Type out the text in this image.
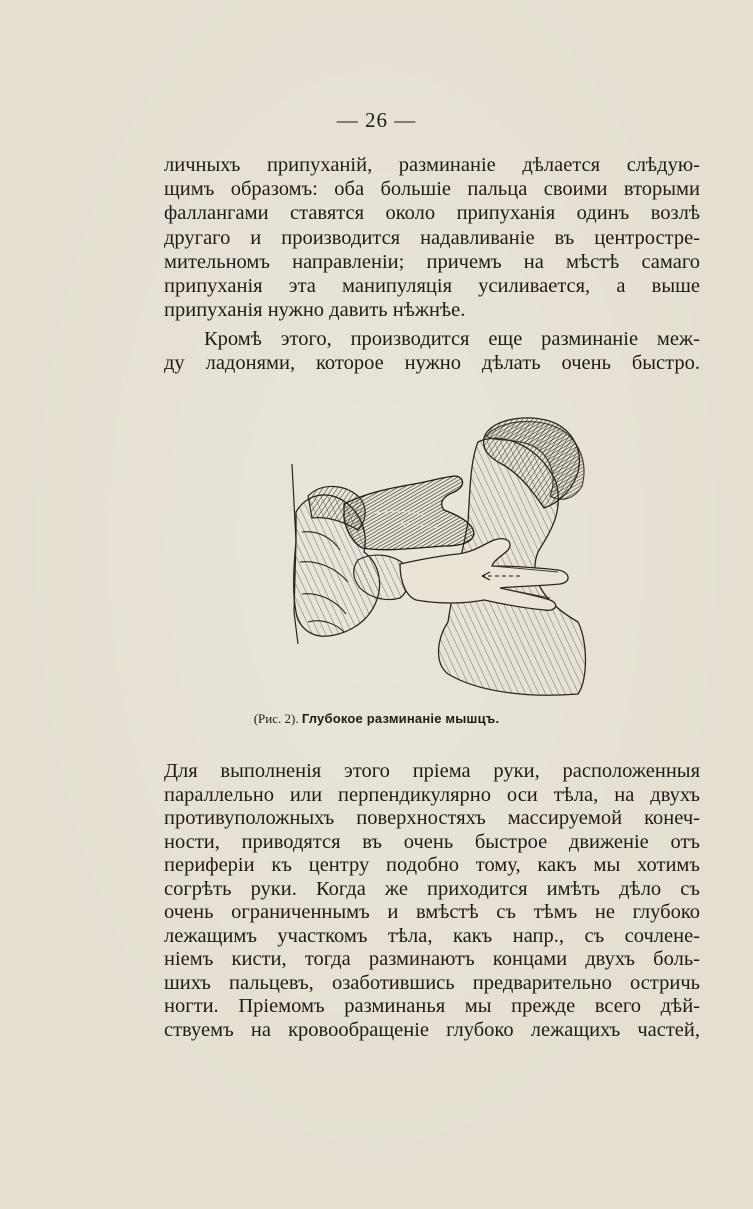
— 26 —
личныхъ припуханій, разминаніе дѣлается слѣдую-
щимъ образомъ: оба большіе пальца своими вторыми
фаллангами ставятся около припуханія одинъ возлѣ
другаго и производится надавливаніе въ центростре-
мительномъ направленіи; причемъ на мѣстѣ самаго
припуханія эта манипуляція усиливается, а выше
припуханія нужно давить нѣжнѣе.
Кромѣ этого, производится еще разминаніе меж-
ду ладонями, которое нужно дѣлать очень быстро.
(Рис. 2). Глубокое разминаніе мышцъ.
Для выполненія этого пріема руки, расположенныя
параллельно или перпендикулярно оси тѣла, на двухъ
противуположныхъ поверхностяхъ массируемой конеч-
ности, приводятся въ очень быстрое движеніе отъ
периферіи къ центру подобно тому, какъ мы хотимъ
согрѣть руки. Когда же приходится имѣть дѣло съ
очень ограниченнымъ и вмѣстѣ съ тѣмъ не глубоко
лежащимъ участкомъ тѣла, какъ напр., съ сочлене-
ніемъ кисти, тогда разминаютъ концами двухъ боль-
шихъ пальцевъ, озаботившись предварительно остричь
ногти. Пріемомъ разминанья мы прежде всего дѣй-
ствуемъ на кровообращеніе глубоко лежащихъ частей,
